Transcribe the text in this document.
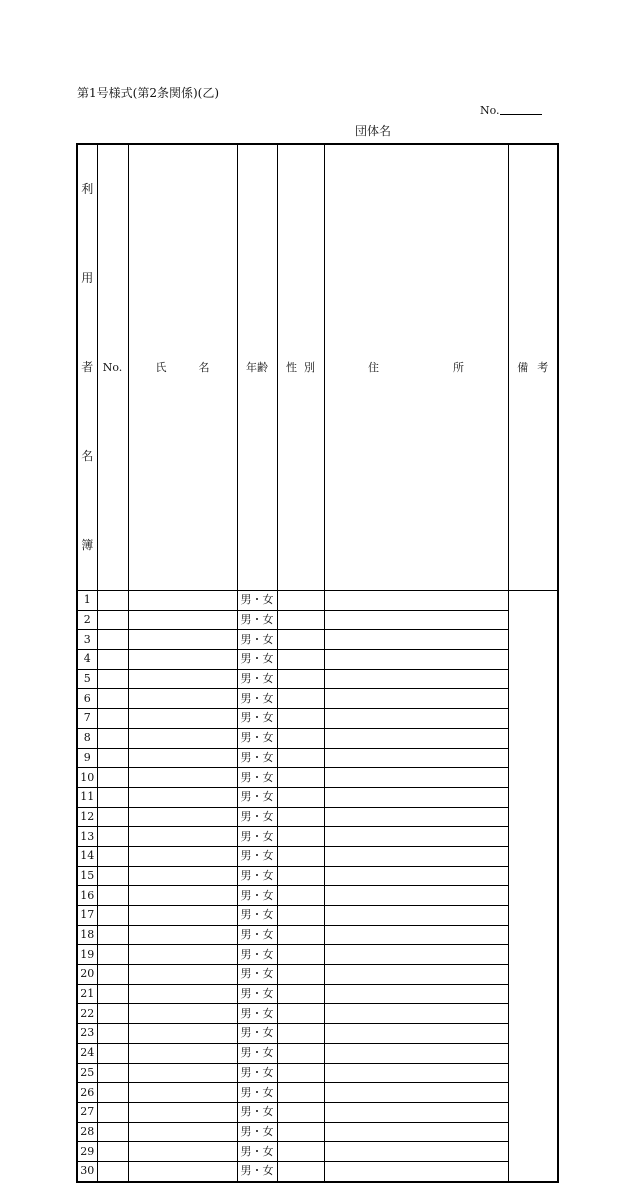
第1号様式(第2条関係)(乙)
No.
団体名
利
用
者
名
簿	No.	氏 名	年齢	性 別	住 所	備 考
1			男・女			
2			男・女			
3			男・女			
4			男・女			
5			男・女			
6			男・女			
7			男・女			
8			男・女			
9			男・女			
10			男・女			
11			男・女			
12			男・女			
13			男・女			
14			男・女			
15			男・女			
16			男・女			
17			男・女			
18			男・女			
19			男・女			
20			男・女			
21			男・女			
22			男・女			
23			男・女			
24			男・女			
25			男・女			
26			男・女			
27			男・女			
28			男・女			
29			男・女			
30			男・女			
